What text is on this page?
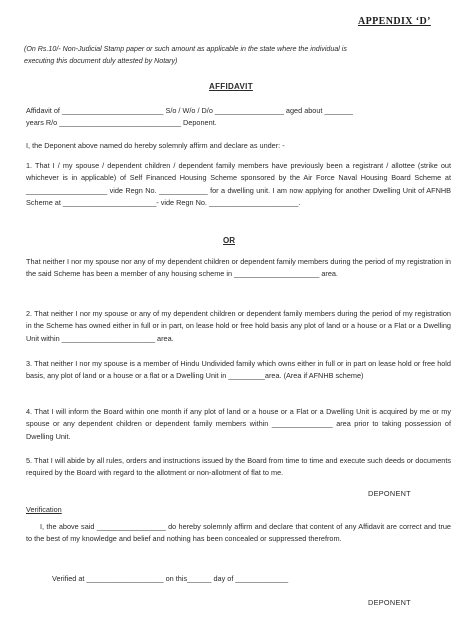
APPENDIX ‘D’

(On Rs.10/- Non-Judicial Stamp paper or such amount as applicable in the state where the individual is
executing this document duly attested by Notary)

AFFIDAVIT

Affidavit of _________________________ S/o / W/o / D/o _________________ aged about _______

years R/o ______________________________ Deponent.

I, the Deponent above named do hereby solemnly affirm and declare as under: -

1. That I / my spouse / dependent children / dependent family members have previously been a registrant / allottee (strike out whichever is in applicable) of Self Financed Housing Scheme sponsored by the Air Force Naval Housing Board Scheme at ____________________ vide Regn No. ____________ for a dwelling unit. I am now applying for another Dwelling Unit of AFNHB Scheme at _______________________- vide Regn No. ______________________.

OR

That neither I nor my spouse nor any of my dependent children or dependent family members during the period of my registration in the said Scheme has been a member of any housing scheme in _____________________ area.

2. That neither I nor my spouse or any of my dependent children or dependent family members during the period of my registration in the Scheme has owned either in full or in part, on lease hold or free hold basis any plot of land or a house or a Flat or a Dwelling Unit within _______________________ area.

3. That neither I nor my spouse is a member of Hindu Undivided family which owns either in full or in part on lease hold or free hold basis, any plot of land or a house or a flat or a Dwelling Unit in _________area. (Area if AFNHB scheme)

4. That I will inform the Board within one month if any plot of land or a house or a Flat or a Dwelling Unit is acquired by me or my spouse or any dependent children or dependent family members within _______________ area prior to taking possession of Dwelling Unit.

5. That I will abide by all rules, orders and instructions issued by the Board from time to time and execute such deeds or documents required by the Board with regard to the allotment or non-allotment of flat to me.

DEPONENT

Verification

I, the above said _________________ do hereby solemnly affirm and declare that content of any Affidavit are correct and true to the best of my knowledge and belief and nothing has been concealed or suppressed therefrom.

Verified at ___________________ on this______ day of _____________

DEPONENT
